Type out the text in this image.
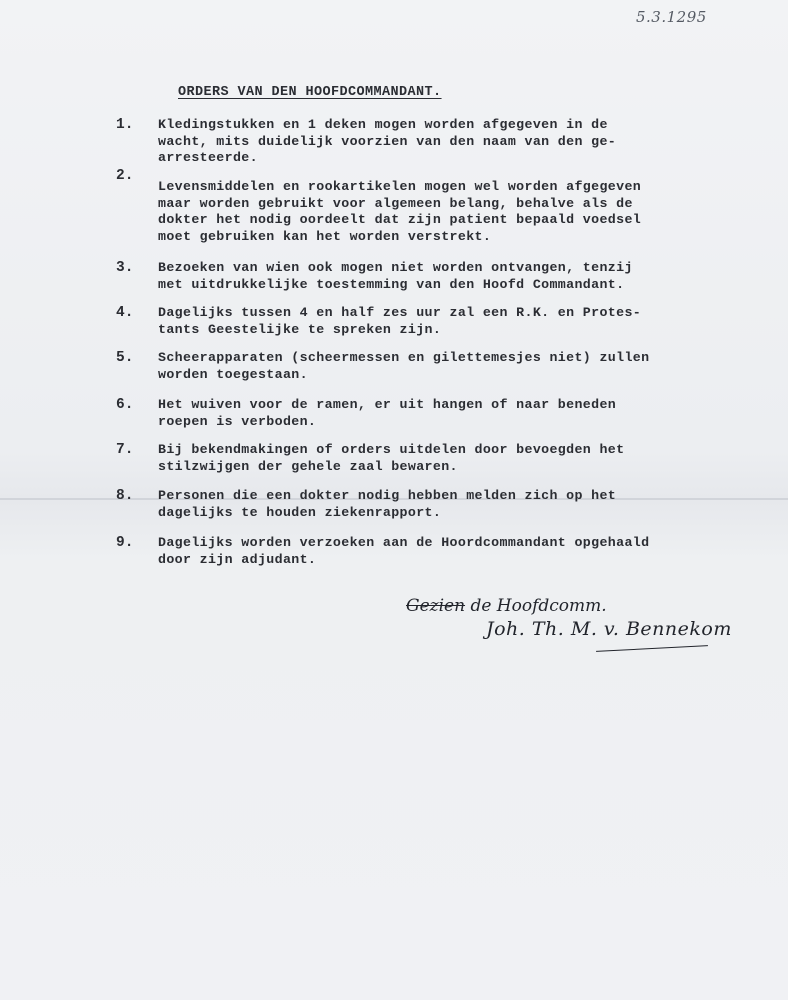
5.3.1295
ORDERS VAN DEN HOOFDCOMMANDANT.
1. Kledingstukken en 1 deken mogen worden afgegeven in de
wacht, mits duidelijk voorzien van den naam van den ge-
arresteerde.
2.
Levensmiddelen en rookartikelen mogen wel worden afgegeven
maar worden gebruikt voor algemeen belang, behalve als de
dokter het nodig oordeelt dat zijn patient bepaald voedsel
moet gebruiken kan het worden verstrekt.
3. Bezoeken van wien ook mogen niet worden ontvangen, tenzij
met uitdrukkelijke toestemming van den Hoofd Commandant.
4. Dagelijks tussen 4 en half zes uur zal een R.K. en Protes-
tants Geestelijke te spreken zijn.
5. Scheerapparaten (scheermessen en gilettemesjes niet) zullen
worden toegestaan.
6. Het wuiven voor de ramen, er uit hangen of naar beneden
roepen is verboden.
7. Bij bekendmakingen of orders uitdelen door bevoegden het
stilzwijgen der gehele zaal bewaren.
8. Personen die een dokter nodig hebben melden zich op het
dagelijks te houden ziekenrapport.
9. Dagelijks worden verzoeken aan de Hoordcommandant opgehaald
door zijn adjudant.
Gezien de Hoofdcomm.
Joh. Th. M. v. Bennekom
